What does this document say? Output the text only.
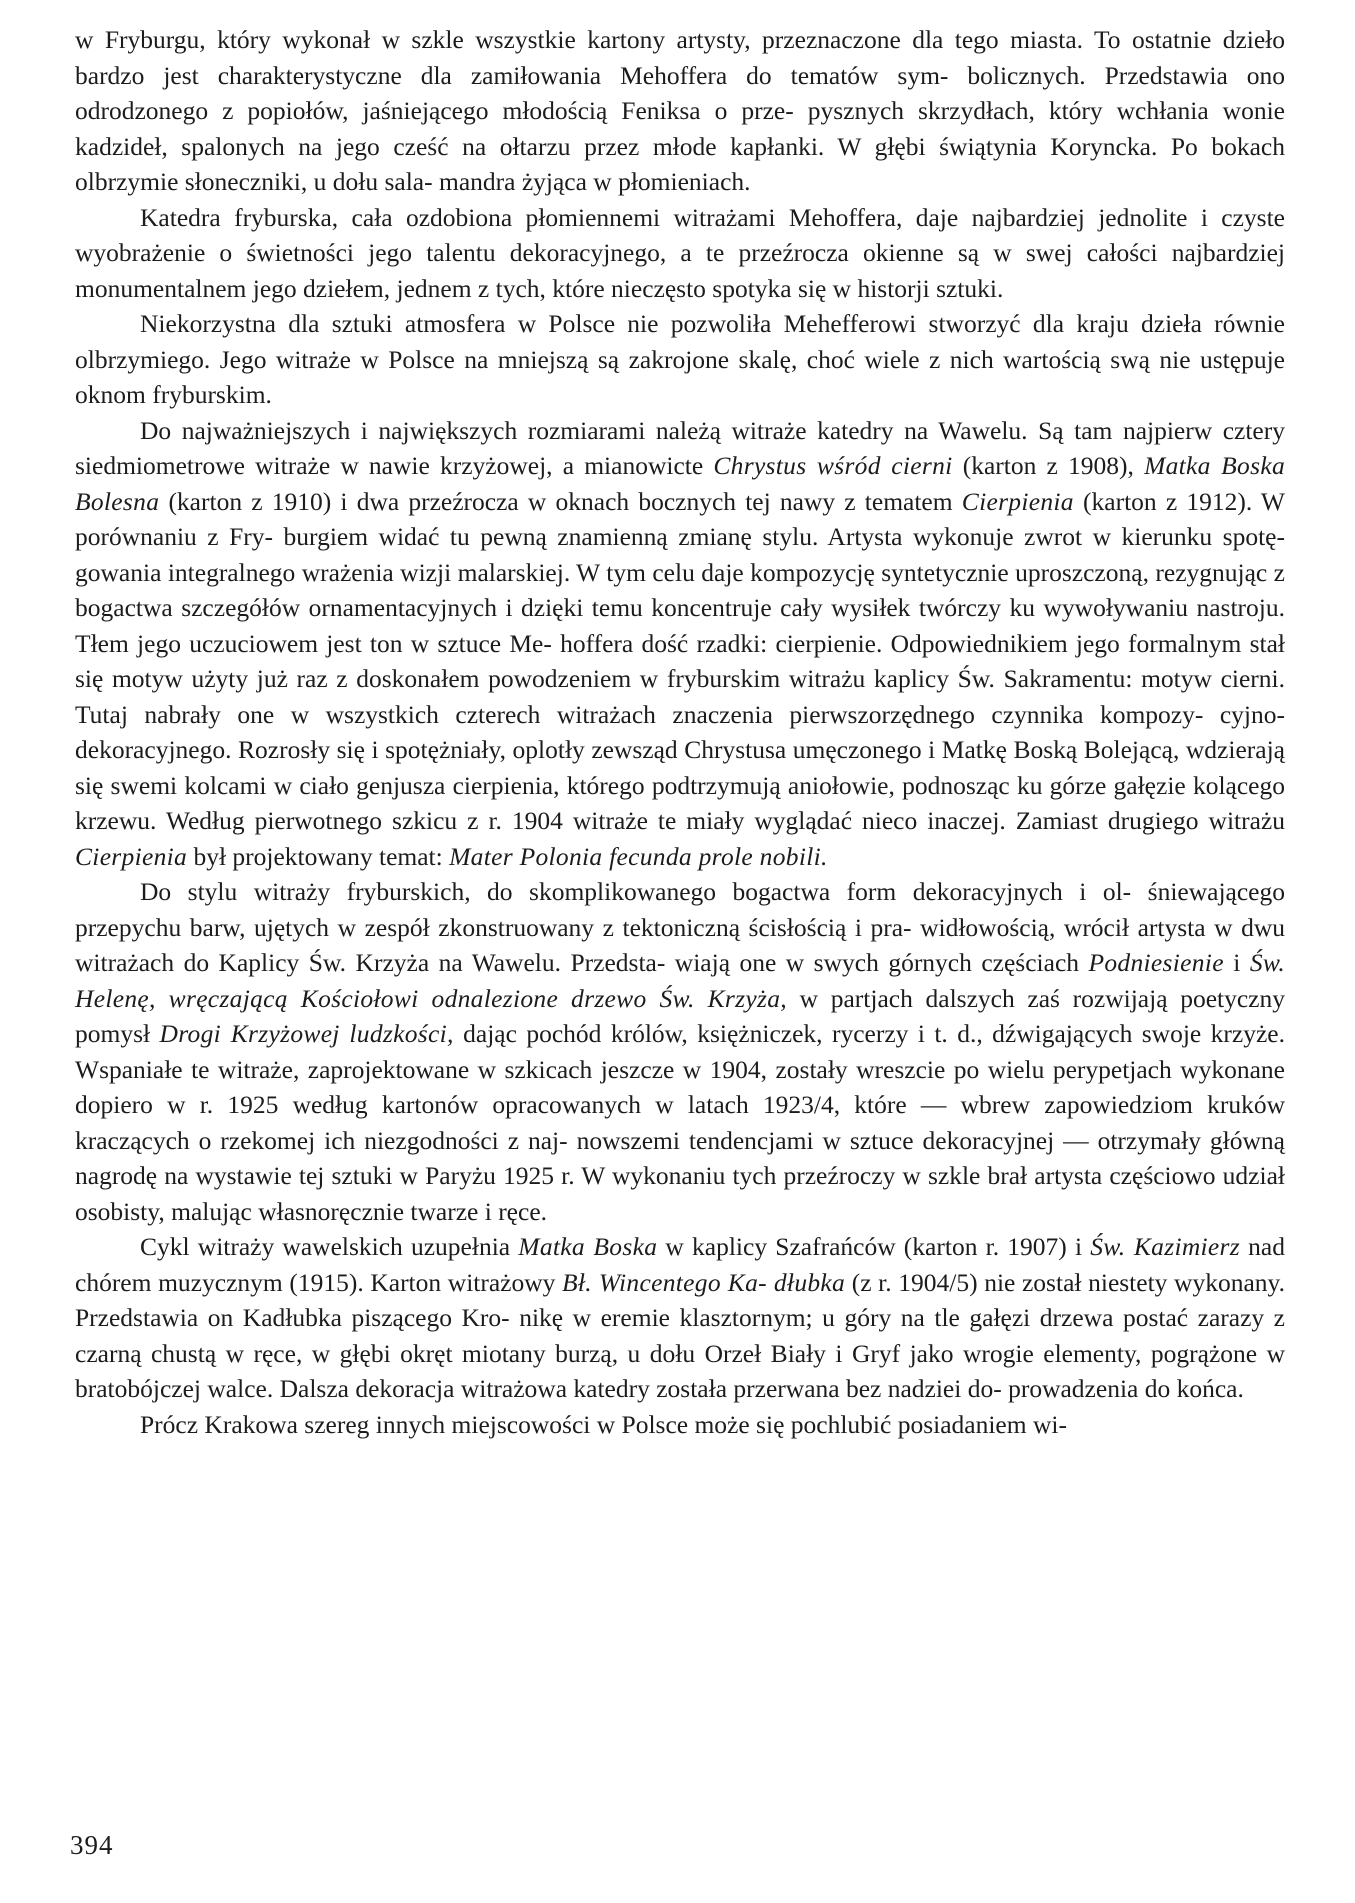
w Fryburgu, który wykonał w szkle wszystkie kartony artysty, przeznaczone dla tego miasta. To ostatnie dzieło bardzo jest charakterystyczne dla zamiłowania Mehoffera do tematów sym- bolicznych. Przedstawia ono odrodzonego z popiołów, jaśniejącego młodością Feniksa o prze- pysznych skrzydłach, który wchłania wonie kadzideł, spalonych na jego cześć na ołtarzu przez młode kapłanki. W głębi świątynia Koryncka. Po bokach olbrzymie słoneczniki, u dołu sala- mandra żyjąca w płomieniach.

Katedra fryburska, cała ozdobiona płomiennemi witrażami Mehoffera, daje najbardziej jednolite i czyste wyobrażenie o świetności jego talentu dekoracyjnego, a te przeźrocza okienne są w swej całości najbardziej monumentalnem jego dziełem, jednem z tych, które nieczęsto spotyka się w historji sztuki.

Niekorzystna dla sztuki atmosfera w Polsce nie pozwoliła Mehefferowi stworzyć dla kraju dzieła równie olbrzymiego. Jego witraże w Polsce na mniejszą są zakrojone skalę, choć wiele z nich wartością swą nie ustępuje oknom fryburskim.

Do najważniejszych i największych rozmiarami należą witraże katedry na Wawelu. Są tam najpierw cztery siedmiometrowe witraże w nawie krzyżowej, a mianowicte Chrystus wśród cierni (karton z 1908), Matka Boska Bolesna (karton z 1910) i dwa przeźrocza w oknach bocznych tej nawy z tematem Cierpienia (karton z 1912). W porównaniu z Fry- burgiem widać tu pewną znamienną zmianę stylu. Artysta wykonuje zwrot w kierunku spotę- gowania integralnego wrażenia wizji malarskiej. W tym celu daje kompozycję syntetycznie uproszczoną, rezygnując z bogactwa szczegółów ornamentacyjnych i dzięki temu koncentruje cały wysiłek twórczy ku wywoływaniu nastroju. Tłem jego uczuciowem jest ton w sztuce Me- hoffera dość rzadki: cierpienie. Odpowiednikiem jego formalnym stał się motyw użyty już raz z doskonałem powodzeniem w fryburskim witrażu kaplicy Św. Sakramentu: motyw cierni. Tutaj nabrały one w wszystkich czterech witrażach znaczenia pierwszorzędnego czynnika kompozy- cyjno-dekoracyjnego. Rozrosły się i spotężniały, oplotły zewsząd Chrystusa umęczonego i Matkę Boską Bolejącą, wdzierają się swemi kolcami w ciało genjusza cierpienia, którego podtrzymują aniołowie, podnosząc ku górze gałęzie kolącego krzewu. Według pierwotnego szkicu z r. 1904 witraże te miały wyglądać nieco inaczej. Zamiast drugiego witrażu Cierpienia był projektowany temat: Mater Polonia fecunda prole nobili.

Do stylu witraży fryburskich, do skomplikowanego bogactwa form dekoracyjnych i ol- śniewającego przepychu barw, ujętych w zespół zkonstruowany z tektoniczną ścisłością i pra- widłowością, wrócił artysta w dwu witrażach do Kaplicy Św. Krzyża na Wawelu. Przedsta- wiają one w swych górnych częściach Podniesienie i Św. Helenę, wręczającą Kościołowi odnalezione drzewo Św. Krzyża, w partjach dalszych zaś rozwijają poetyczny pomysł Drogi Krzyżowej ludzkości, dając pochód królów, księżniczek, rycerzy i t. d., dźwigających swoje krzyże. Wspaniałe te witraże, zaprojektowane w szkicach jeszcze w 1904, zostały wreszcie po wielu perypetjach wykonane dopiero w r. 1925 według kartonów opracowanych w latach 1923/4, które — wbrew zapowiedziom kruków kraczących o rzekomej ich niezgodności z naj- nowszemi tendencjami w sztuce dekoracyjnej — otrzymały główną nagrodę na wystawie tej sztuki w Paryżu 1925 r. W wykonaniu tych przeźroczy w szkle brał artysta częściowo udział osobisty, malując własnoręcznie twarze i ręce.

Cykl witraży wawelskich uzupełnia Matka Boska w kaplicy Szafrańców (karton r. 1907) i Św. Kazimierz nad chórem muzycznym (1915). Karton witrażowy Bł. Wincentego Ka- dłubka (z r. 1904/5) nie został niestety wykonany. Przedstawia on Kadłubka piszącego Kro- nikę w eremie klasztornym; u góry na tle gałęzi drzewa postać zarazy z czarną chustą w ręce, w głębi okręt miotany burzą, u dołu Orzeł Biały i Gryf jako wrogie elementy, pogrążone w bratobójczej walce. Dalsza dekoracja witrażowa katedry została przerwana bez nadziei do- prowadzenia do końca.

Prócz Krakowa szereg innych miejscowości w Polsce może się pochlubić posiadaniem wi-

394
